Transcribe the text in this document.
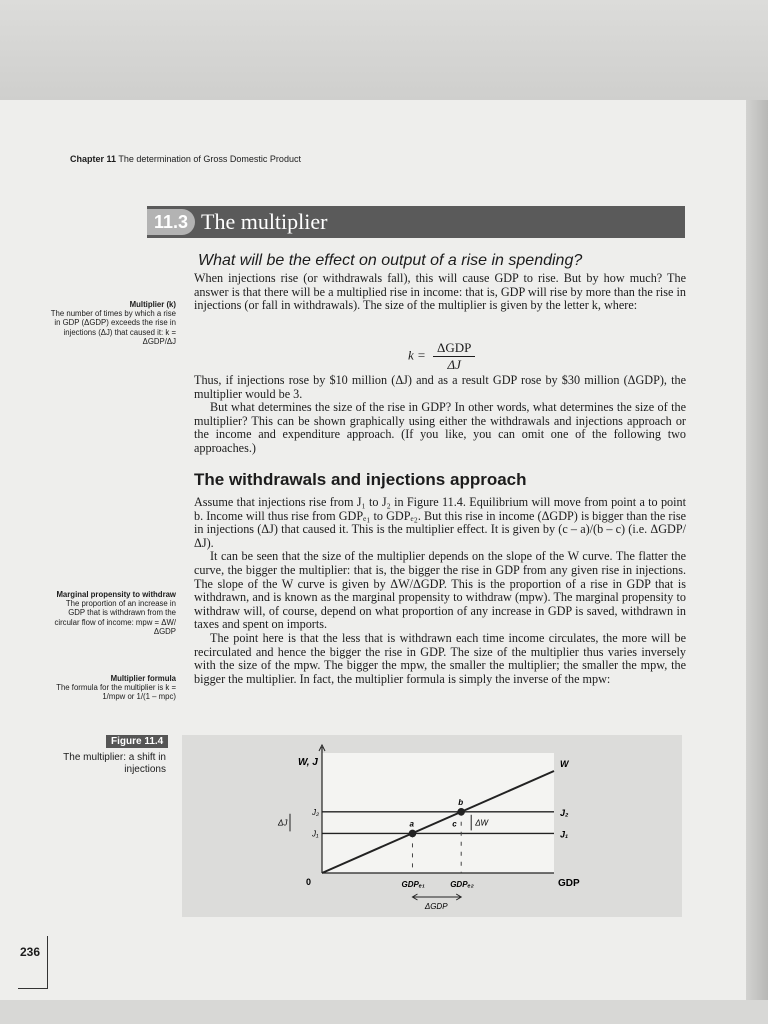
Chapter 11 The determination of Gross Domestic Product
11.3 The multiplier
What will be the effect on output of a rise in spending?

When injections rise (or withdrawals fall), this will cause GDP to rise. But by how much? The answer is that there will be a multiplied rise in income: that is, GDP will rise by more than the rise in injections (or fall in withdrawals). The size of the multiplier is given by the letter k, where:

$k = \frac{\text{ΔGDP}}{\Delta J}$

Thus, if injections rose by $10 million (ΔJ) and as a result GDP rose by $30 million (ΔGDP), the multiplier would be 3.

But what determines the size of the rise in GDP? In other words, what determines the size of the multiplier? This can be shown graphically using either the withdrawals and injections approach or the income and expenditure approach. (If you like, you can omit one of the following two approaches.)

The withdrawals and injections approach

Assume that injections rise from J₁ to J₂ in Figure 11.4. Equilibrium will move from point a to point b. Income will thus rise from GDPₑ₁ to GDPₑ₂. But this rise in income (ΔGDP) is bigger than the rise in injections (ΔJ) that caused it. This is the multiplier effect. It is given by (c – a)/(b – c) (i.e. ΔGDP/ΔJ).

It can be seen that the size of the multiplier depends on the slope of the W curve. The flatter the curve, the bigger the multiplier: that is, the bigger the rise in GDP from any given rise in injections. The slope of the W curve is given by ΔW/ΔGDP. This is the proportion of a rise in GDP that is withdrawn, and is known as the marginal propensity to withdraw (mpw). The marginal propensity to withdraw will, of course, depend on what proportion of any increase in GDP is saved, withdrawn in taxes and spent on imports.

The point here is that the less that is withdrawn each time income circulates, the more will be recirculated and hence the bigger the rise in GDP. The size of the multiplier thus varies inversely with the size of the mpw. The bigger the mpw, the smaller the multiplier; the smaller the mpw, the bigger the multiplier. In fact, the multiplier formula is simply the inverse of the mpw:

Multiplier (k)
The number of times by which a rise in GDP (ΔGDP) exceeds the rise in injections (ΔJ) that caused it: k = ΔGDP/ΔJ
Marginal propensity to withdraw
The proportion of an increase in GDP that is withdrawn from the circular flow of income: mpw = ΔW/ΔGDP
Multiplier formula
The formula for the multiplier is k = 1/mpw or 1/(1 – mpc)
Figure 11.4
The multiplier: a shift in injections
W, J
GDP
0
W
J₁
J₁
J₂
J₂
a
b
c
GDPₑ₁	GDPₑ₂
ΔJ	ΔW
ΔGDP
236
